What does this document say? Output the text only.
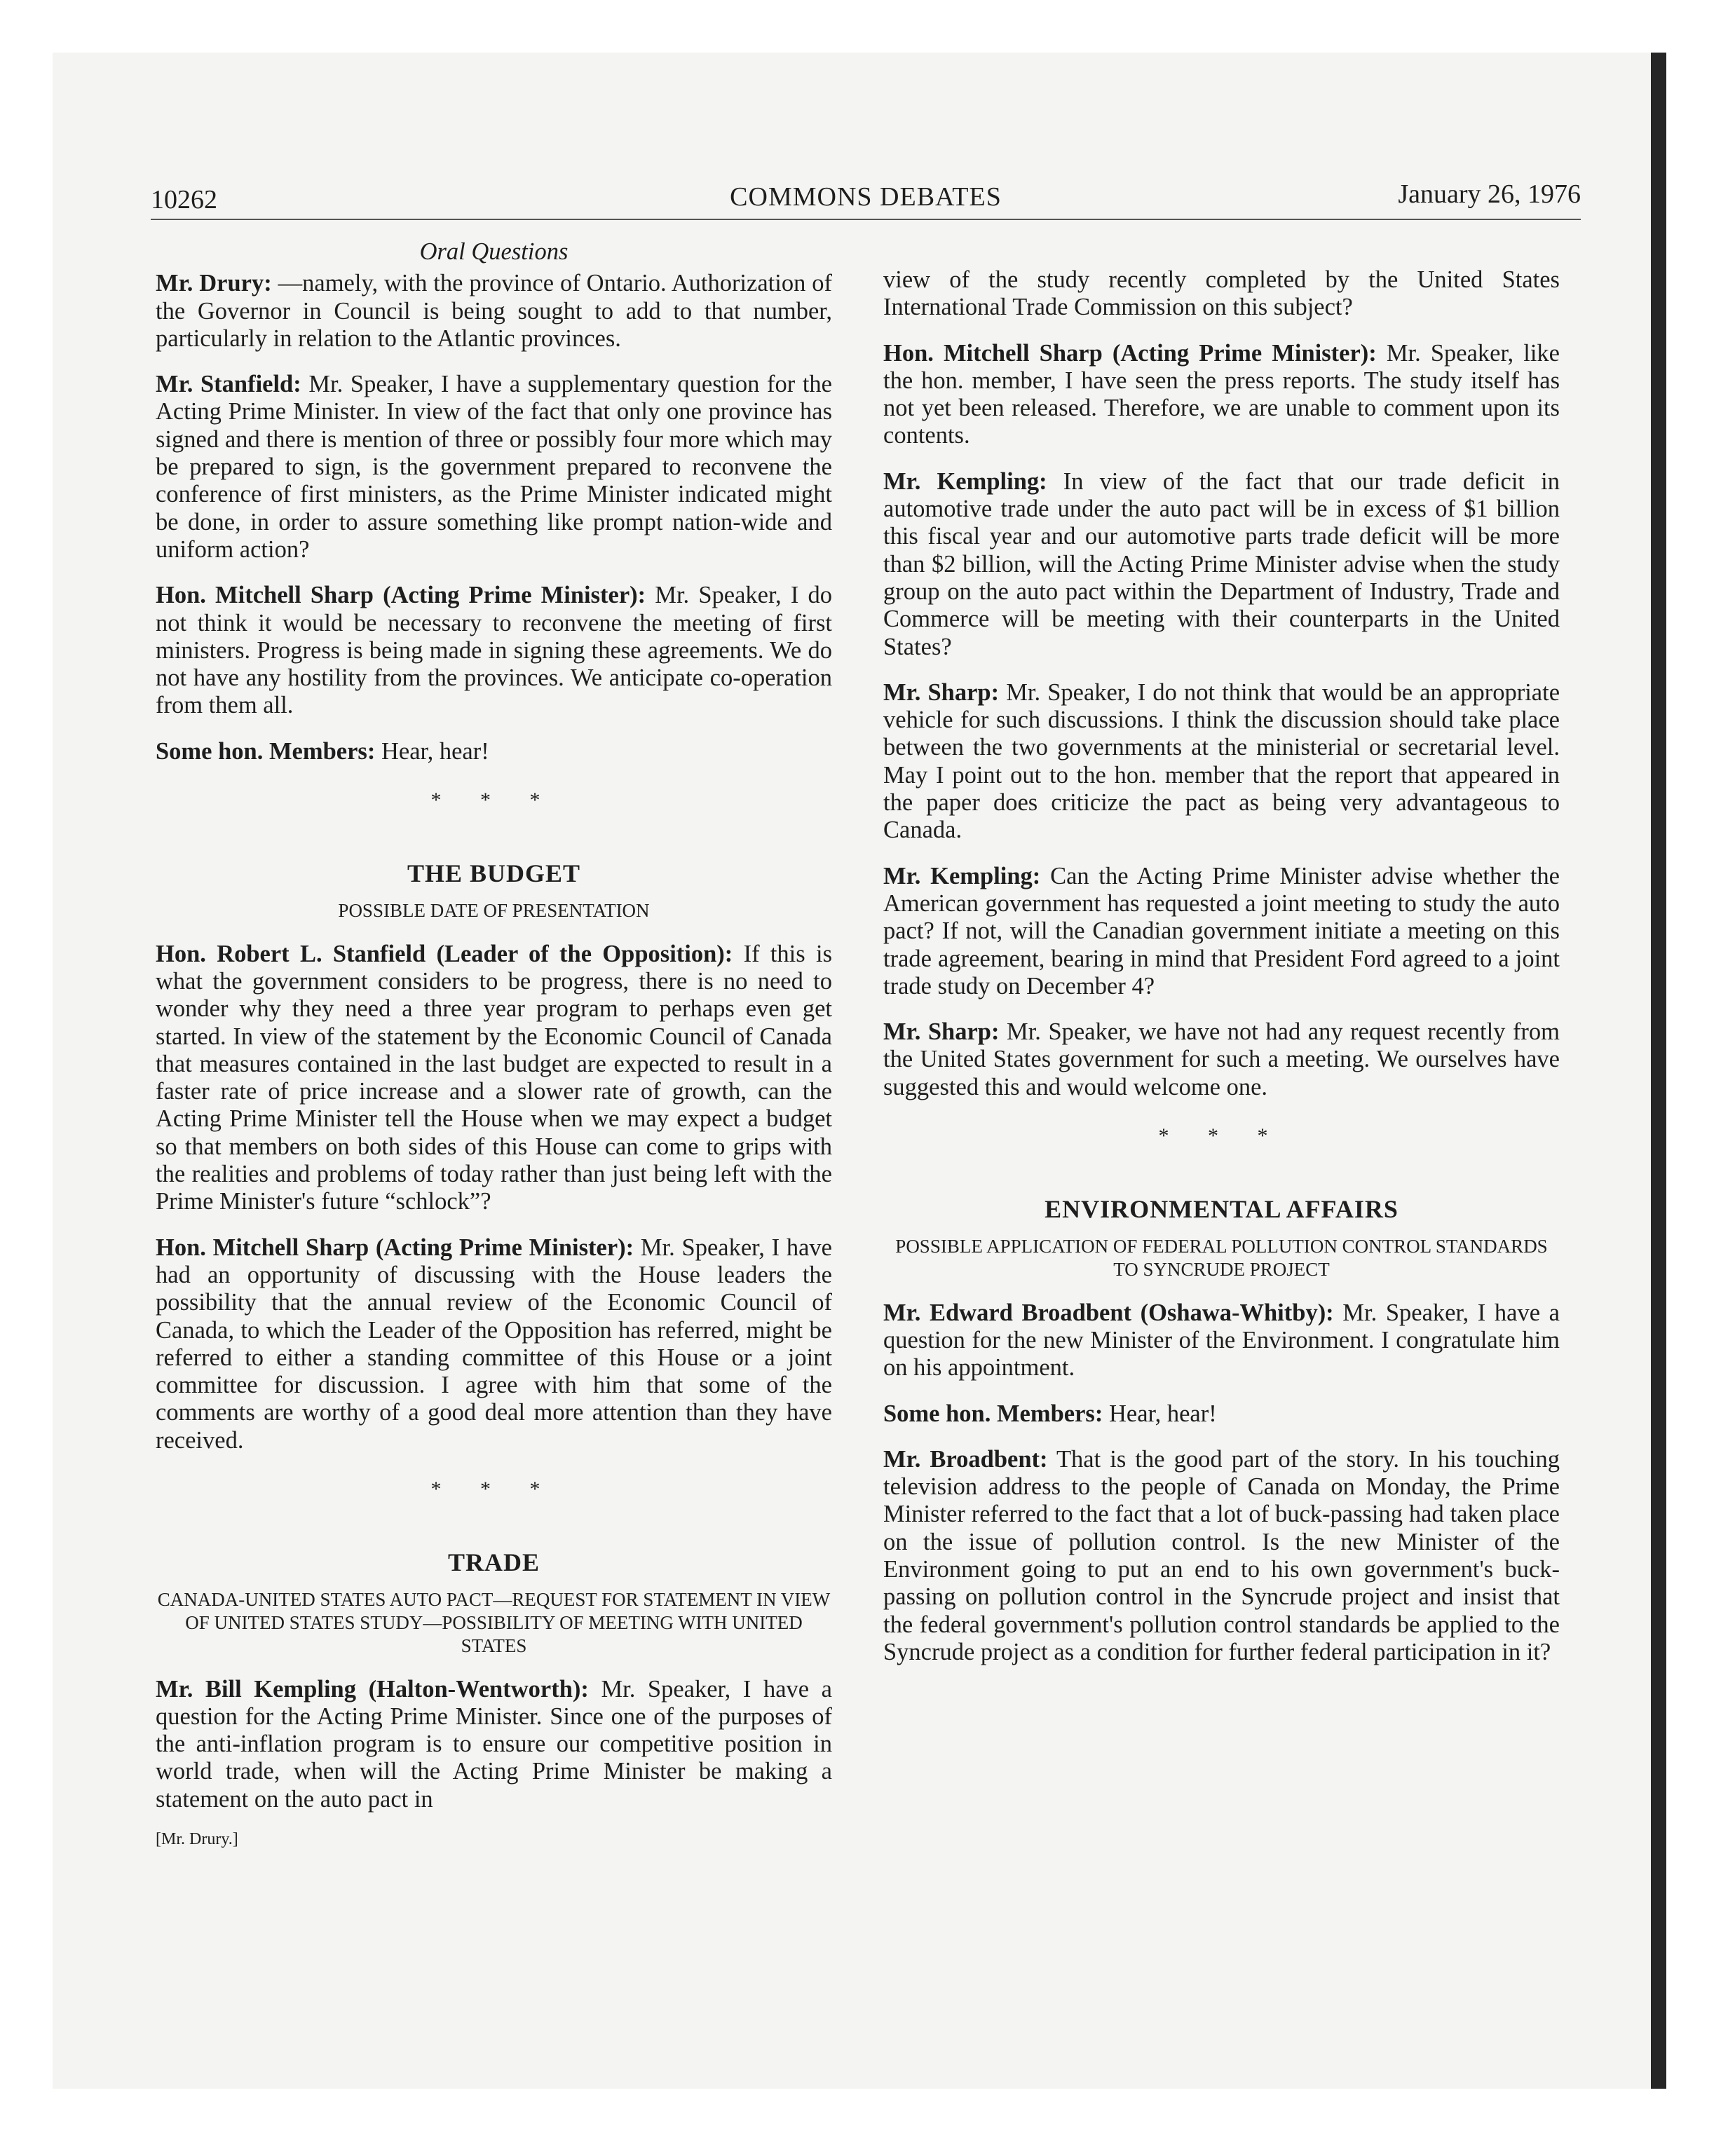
10262	COMMONS DEBATES	January 26, 1976
Oral Questions

Mr. Drury: —namely, with the province of Ontario. Authorization of the Governor in Council is being sought to add to that number, particularly in relation to the Atlantic provinces.

Mr. Stanfield: Mr. Speaker, I have a supplementary question for the Acting Prime Minister. In view of the fact that only one province has signed and there is mention of three or possibly four more which may be prepared to sign, is the government prepared to reconvene the conference of first ministers, as the Prime Minister indicated might be done, in order to assure something like prompt nation-wide and uniform action?

Hon. Mitchell Sharp (Acting Prime Minister): Mr. Speaker, I do not think it would be necessary to reconvene the meeting of first ministers. Progress is being made in signing these agreements. We do not have any hostility from the provinces. We anticipate co-operation from them all.

Some hon. Members: Hear, hear!

* * *
THE BUDGET
POSSIBLE DATE OF PRESENTATION

Hon. Robert L. Stanfield (Leader of the Opposition): If this is what the government considers to be progress, there is no need to wonder why they need a three year program to perhaps even get started. In view of the statement by the Economic Council of Canada that measures contained in the last budget are expected to result in a faster rate of price increase and a slower rate of growth, can the Acting Prime Minister tell the House when we may expect a budget so that members on both sides of this House can come to grips with the realities and problems of today rather than just being left with the Prime Minister's future “schlock”?

Hon. Mitchell Sharp (Acting Prime Minister): Mr. Speaker, I have had an opportunity of discussing with the House leaders the possibility that the annual review of the Economic Council of Canada, to which the Leader of the Opposition has referred, might be referred to either a standing committee of this House or a joint committee for discussion. I agree with him that some of the comments are worthy of a good deal more attention than they have received.

* * *
TRADE
CANADA-UNITED STATES AUTO PACT—REQUEST FOR STATEMENT IN VIEW OF UNITED STATES STUDY—POSSIBILITY OF MEETING WITH UNITED STATES

Mr. Bill Kempling (Halton-Wentworth): Mr. Speaker, I have a question for the Acting Prime Minister. Since one of the purposes of the anti-inflation program is to ensure our competitive position in world trade, when will the Acting Prime Minister be making a statement on the auto pact in

[Mr. Drury.]

view of the study recently completed by the United States International Trade Commission on this subject?

Hon. Mitchell Sharp (Acting Prime Minister): Mr. Speaker, like the hon. member, I have seen the press reports. The study itself has not yet been released. Therefore, we are unable to comment upon its contents.

Mr. Kempling: In view of the fact that our trade deficit in automotive trade under the auto pact will be in excess of $1 billion this fiscal year and our automotive parts trade deficit will be more than $2 billion, will the Acting Prime Minister advise when the study group on the auto pact within the Department of Industry, Trade and Commerce will be meeting with their counterparts in the United States?

Mr. Sharp: Mr. Speaker, I do not think that would be an appropriate vehicle for such discussions. I think the discussion should take place between the two governments at the ministerial or secretarial level. May I point out to the hon. member that the report that appeared in the paper does criticize the pact as being very advantageous to Canada.

Mr. Kempling: Can the Acting Prime Minister advise whether the American government has requested a joint meeting to study the auto pact? If not, will the Canadian government initiate a meeting on this trade agreement, bearing in mind that President Ford agreed to a joint trade study on December 4?

Mr. Sharp: Mr. Speaker, we have not had any request recently from the United States government for such a meeting. We ourselves have suggested this and would welcome one.

* * *
ENVIRONMENTAL AFFAIRS
POSSIBLE APPLICATION OF FEDERAL POLLUTION CONTROL STANDARDS TO SYNCRUDE PROJECT

Mr. Edward Broadbent (Oshawa-Whitby): Mr. Speaker, I have a question for the new Minister of the Environment. I congratulate him on his appointment.

Some hon. Members: Hear, hear!

Mr. Broadbent: That is the good part of the story. In his touching television address to the people of Canada on Monday, the Prime Minister referred to the fact that a lot of buck-passing had taken place on the issue of pollution control. Is the new Minister of the Environment going to put an end to his own government's buck-passing on pollution control in the Syncrude project and insist that the federal government's pollution control standards be applied to the Syncrude project as a condition for further federal participation in it?
